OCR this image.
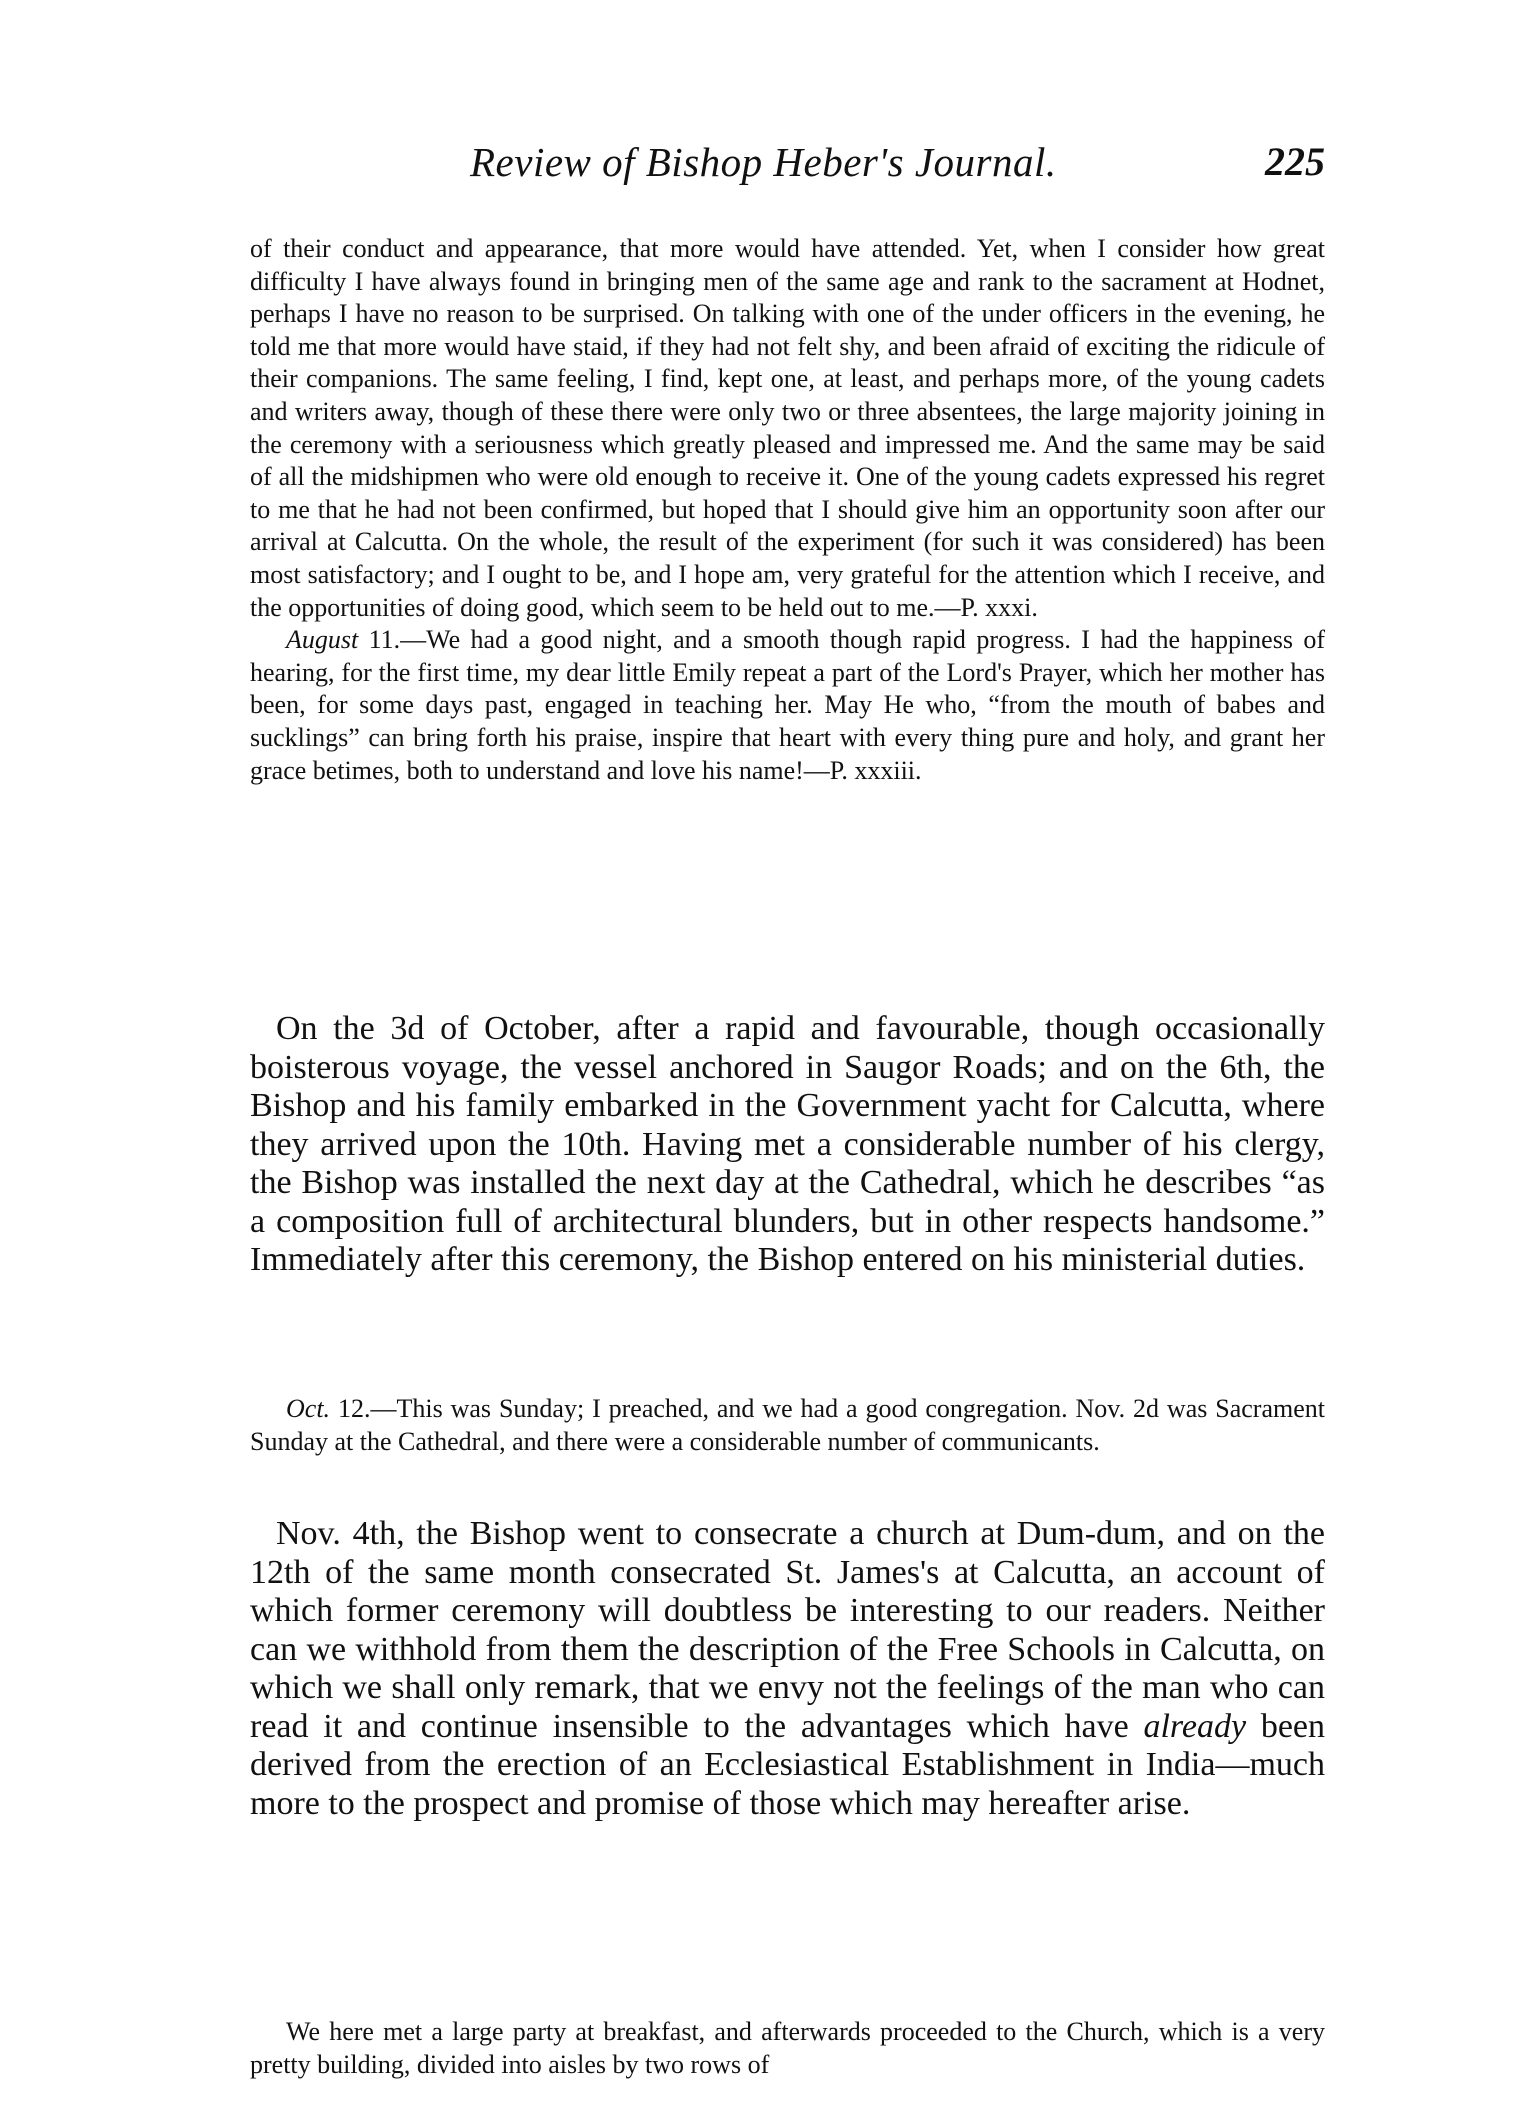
Review of Bishop Heber's Journal.	225

of their conduct and appearance, that more would have attended. Yet, when I consider how great difficulty I have always found in bringing men of the same age and rank to the sacrament at Hodnet, perhaps I have no reason to be surprised. On talking with one of the under officers in the evening, he told me that more would have staid, if they had not felt shy, and been afraid of exciting the ridicule of their companions. The same feeling, I find, kept one, at least, and perhaps more, of the young cadets and writers away, though of these there were only two or three absentees, the large majority joining in the ceremony with a seriousness which greatly pleased and impressed me. And the same may be said of all the midshipmen who were old enough to receive it. One of the young cadets expressed his regret to me that he had not been confirmed, but hoped that I should give him an opportunity soon after our arrival at Calcutta. On the whole, the result of the experiment (for such it was considered) has been most satisfactory; and I ought to be, and I hope am, very grateful for the attention which I receive, and the opportunities of doing good, which seem to be held out to me.—P. xxxi.

August 11.—We had a good night, and a smooth though rapid progress. I had the happiness of hearing, for the first time, my dear little Emily repeat a part of the Lord's Prayer, which her mother has been, for some days past, engaged in teaching her. May He who, “from the mouth of babes and sucklings” can bring forth his praise, inspire that heart with every thing pure and holy, and grant her grace betimes, both to understand and love his name!—P. xxxiii.

On the 3d of October, after a rapid and favourable, though occasionally boisterous voyage, the vessel anchored in Saugor Roads; and on the 6th, the Bishop and his family embarked in the Government yacht for Calcutta, where they arrived upon the 10th. Having met a considerable number of his clergy, the Bishop was installed the next day at the Cathedral, which he describes “as a composition full of architectural blunders, but in other respects handsome.” Immediately after this ceremony, the Bishop entered on his ministerial duties.

Oct. 12.—This was Sunday; I preached, and we had a good congregation. Nov. 2d was Sacrament Sunday at the Cathedral, and there were a considerable number of communicants.

Nov. 4th, the Bishop went to consecrate a church at Dum-dum, and on the 12th of the same month consecrated St. James's at Calcutta, an account of which former ceremony will doubtless be interesting to our readers. Neither can we withhold from them the description of the Free Schools in Calcutta, on which we shall only remark, that we envy not the feelings of the man who can read it and continue insensible to the advantages which have already been derived from the erection of an Ecclesiastical Establishment in India—much more to the prospect and promise of those which may hereafter arise.

We here met a large party at breakfast, and afterwards proceeded to the Church, which is a very pretty building, divided into aisles by two rows of
